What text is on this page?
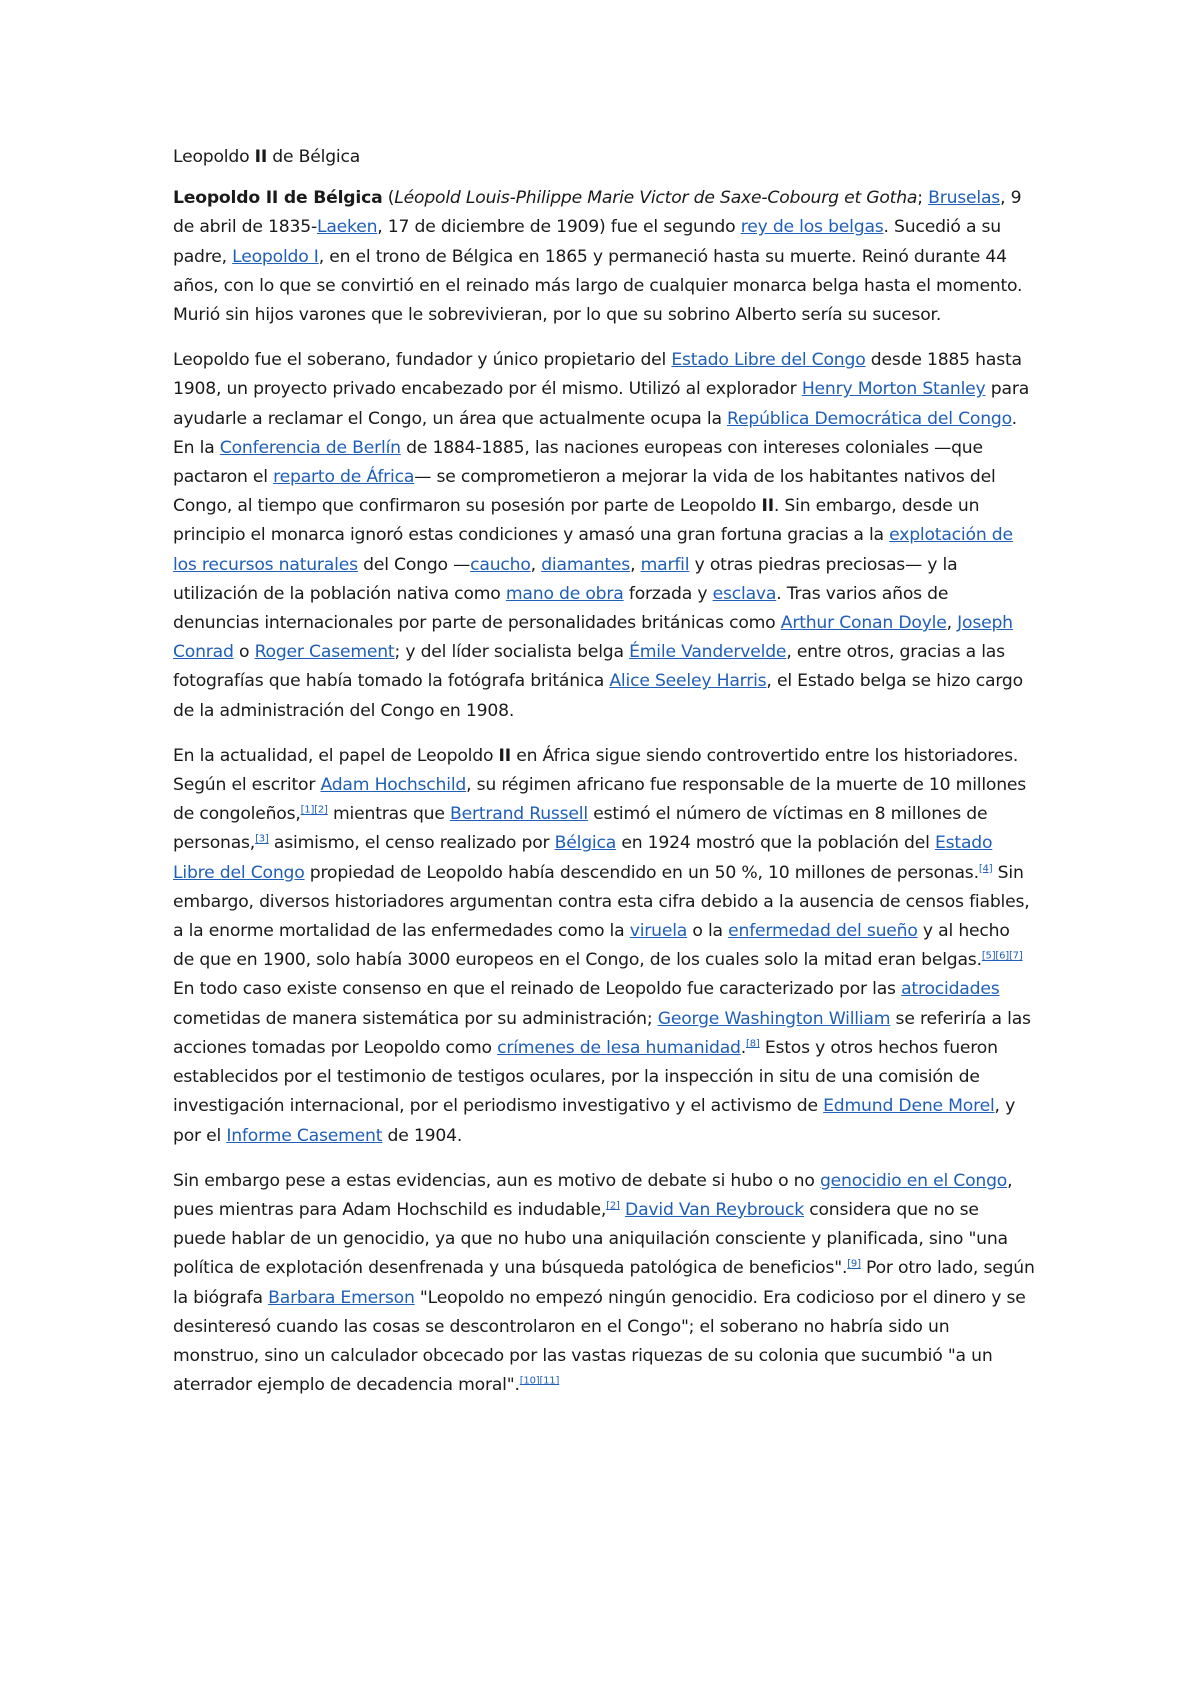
Leopoldo II de Bélgica

Leopoldo II de Bélgica (Léopold Louis-Philippe Marie Victor de Saxe-Cobourg et Gotha; Bruselas, 9 de abril de 1835-Laeken, 17 de diciembre de 1909) fue el segundo rey de los belgas. Sucedió a su padre, Leopoldo I, en el trono de Bélgica en 1865 y permaneció hasta su muerte. Reinó durante 44 años, con lo que se convirtió en el reinado más largo de cualquier monarca belga hasta el momento. Murió sin hijos varones que le sobrevivieran, por lo que su sobrino Alberto sería su sucesor.

Leopoldo fue el soberano, fundador y único propietario del Estado Libre del Congo desde 1885 hasta 1908, un proyecto privado encabezado por él mismo. Utilizó al explorador Henry Morton Stanley para ayudarle a reclamar el Congo, un área que actualmente ocupa la República Democrática del Congo. En la Conferencia de Berlín de 1884-1885, las naciones europeas con intereses coloniales —que pactaron el reparto de África— se comprometieron a mejorar la vida de los habitantes nativos del Congo, al tiempo que confirmaron su posesión por parte de Leopoldo II. Sin embargo, desde un principio el monarca ignoró estas condiciones y amasó una gran fortuna gracias a la explotación de los recursos naturales del Congo —caucho, diamantes, marfil y otras piedras preciosas— y la utilización de la población nativa como mano de obra forzada y esclava. Tras varios años de denuncias internacionales por parte de personalidades británicas como Arthur Conan Doyle, Joseph Conrad o Roger Casement; y del líder socialista belga Émile Vandervelde, entre otros, gracias a las fotografías que había tomado la fotógrafa británica Alice Seeley Harris, el Estado belga se hizo cargo de la administración del Congo en 1908.

En la actualidad, el papel de Leopoldo II en África sigue siendo controvertido entre los historiadores. Según el escritor Adam Hochschild, su régimen africano fue responsable de la muerte de 10 millones de congoleños,[1][2] mientras que Bertrand Russell estimó el número de víctimas en 8 millones de personas,[3] asimismo, el censo realizado por Bélgica en 1924 mostró que la población del Estado Libre del Congo propiedad de Leopoldo había descendido en un 50 %, 10 millones de personas.[4] Sin embargo, diversos historiadores argumentan contra esta cifra debido a la ausencia de censos fiables, a la enorme mortalidad de las enfermedades como la viruela o la enfermedad del sueño y al hecho de que en 1900, solo había 3000 europeos en el Congo, de los cuales solo la mitad eran belgas.[5][6][7] En todo caso existe consenso en que el reinado de Leopoldo fue caracterizado por las atrocidades cometidas de manera sistemática por su administración; George Washington William se referiría a las acciones tomadas por Leopoldo como crímenes de lesa humanidad.[8] Estos y otros hechos fueron establecidos por el testimonio de testigos oculares, por la inspección in situ de una comisión de investigación internacional, por el periodismo investigativo y el activismo de Edmund Dene Morel, y por el Informe Casement de 1904.

Sin embargo pese a estas evidencias, aun es motivo de debate si hubo o no genocidio en el Congo, pues mientras para Adam Hochschild es indudable,[2] David Van Reybrouck considera que no se puede hablar de un genocidio, ya que no hubo una aniquilación consciente y planificada, sino "una política de explotación desenfrenada y una búsqueda patológica de beneficios".[9] Por otro lado, según la biógrafa Barbara Emerson "Leopoldo no empezó ningún genocidio. Era codicioso por el dinero y se desinteresó cuando las cosas se descontrolaron en el Congo"; el soberano no habría sido un monstruo, sino un calculador obcecado por las vastas riquezas de su colonia que sucumbió "a un aterrador ejemplo de decadencia moral".[10][11]
